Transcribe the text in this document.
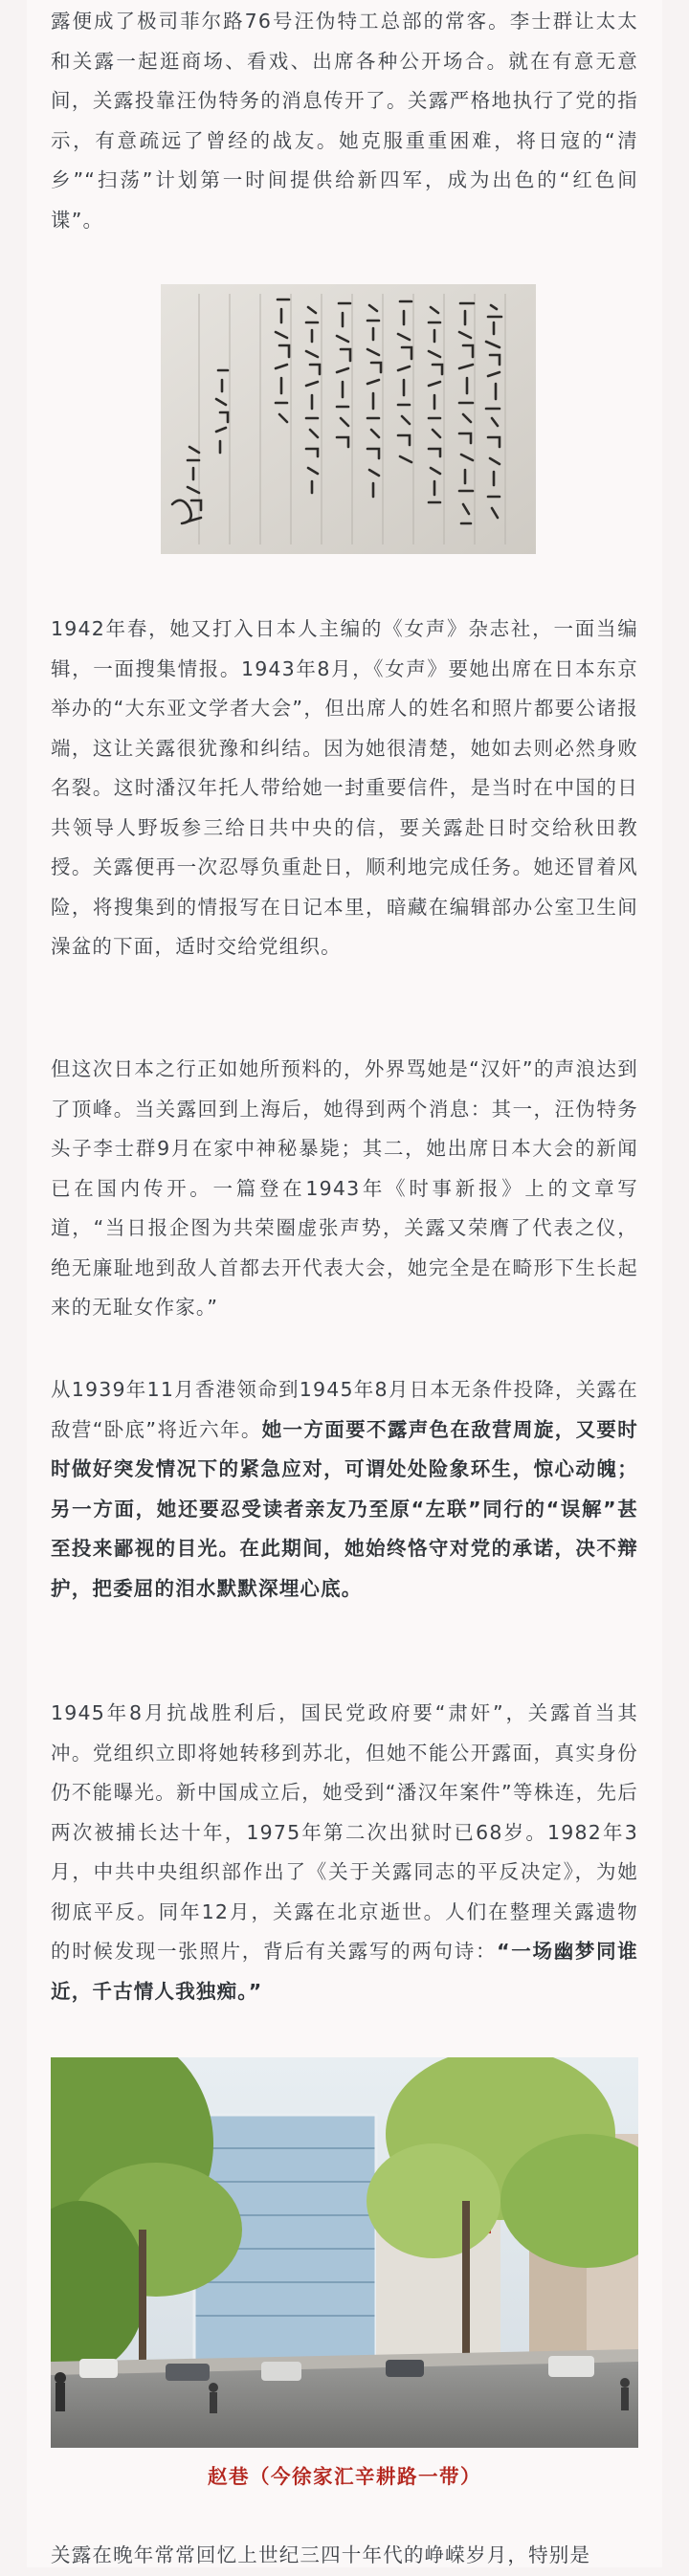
露便成了极司菲尔路76号汪伪特工总部的常客。李士群让太太和关露一起逛商场、看戏、出席各种公开场合。就在有意无意间，关露投靠汪伪特务的消息传开了。关露严格地执行了党的指示，有意疏远了曾经的战友。她克服重重困难，将日寇的“清乡”“扫荡”计划第一时间提供给新四军，成为出色的“红色间谍”。

1942年春，她又打入日本人主编的《女声》杂志社，一面当编辑，一面搜集情报。1943年8月，《女声》要她出席在日本东京举办的“大东亚文学者大会”，但出席人的姓名和照片都要公诸报端，这让关露很犹豫和纠结。因为她很清楚，她如去则必然身败名裂。这时潘汉年托人带给她一封重要信件，是当时在中国的日共领导人野坂参三给日共中央的信，要关露赴日时交给秋田教授。关露便再一次忍辱负重赴日，顺利地完成任务。她还冒着风险，将搜集到的情报写在日记本里，暗藏在编辑部办公室卫生间澡盆的下面，适时交给党组织。

但这次日本之行正如她所预料的，外界骂她是“汉奸”的声浪达到了顶峰。当关露回到上海后，她得到两个消息：其一，汪伪特务头子李士群9月在家中神秘暴毙；其二，她出席日本大会的新闻已在国内传开。一篇登在1943年《时事新报》上的文章写道，“当日报企图为共荣圈虚张声势，关露又荣膺了代表之仪，绝无廉耻地到敌人首都去开代表大会，她完全是在畸形下生长起来的无耻女作家。”

从1939年11月香港领命到1945年8月日本无条件投降，关露在敌营“卧底”将近六年。她一方面要不露声色在敌营周旋，又要时时做好突发情况下的紧急应对，可谓处处险象环生，惊心动魄；另一方面，她还要忍受读者亲友乃至原“左联”同行的“误解”甚至投来鄙视的目光。在此期间，她始终恪守对党的承诺，决不辩护，把委屈的泪水默默深埋心底。

1945年8月抗战胜利后，国民党政府要“肃奸”，关露首当其冲。党组织立即将她转移到苏北，但她不能公开露面，真实身份仍不能曝光。新中国成立后，她受到“潘汉年案件”等株连，先后两次被捕长达十年，1975年第二次出狱时已68岁。1982年3月，中共中央组织部作出了《关于关露同志的平反决定》，为她彻底平反。同年12月，关露在北京逝世。人们在整理关露遗物的时候发现一张照片，背后有关露写的两句诗：“一场幽梦同谁近，千古情人我独痴。”

关露在晚年常常回忆上世纪三四十年代的峥嵘岁月，特别是

赵巷（今徐家汇辛耕路一带）
